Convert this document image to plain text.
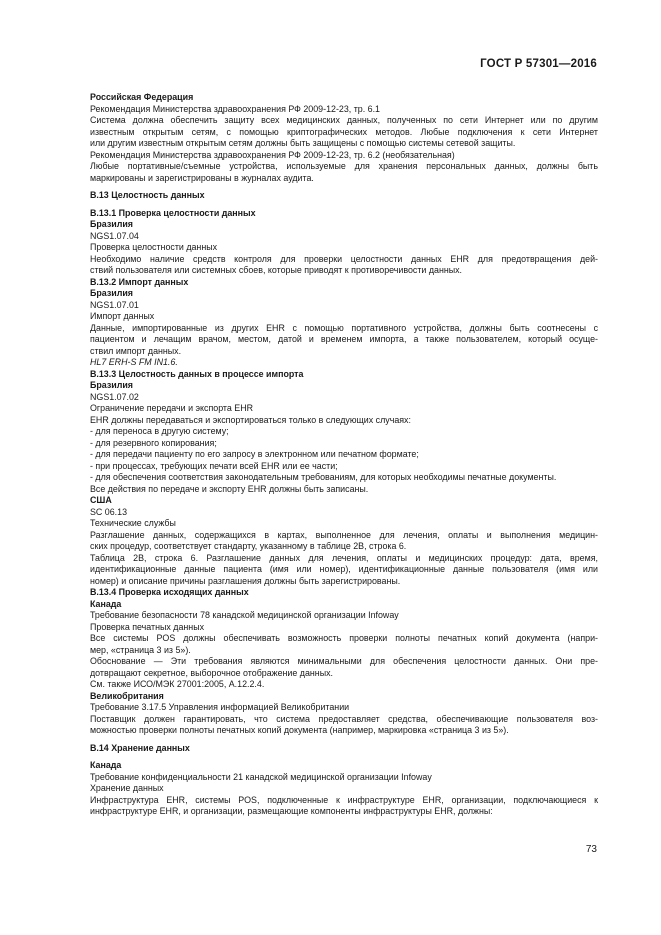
ГОСТ Р 57301—2016
Российская Федерация
Рекомендация Министерства здравоохранения РФ 2009-12-23, тр. 6.1
Система должна обеспечить защиту всех медицинских данных, полученных по сети Интернет или по другим
известным открытым сетям, с помощью криптографических методов. Любые подключения к сети Интернет
или другим известным открытым сетям должны быть защищены с помощью системы сетевой защиты.
Рекомендация Министерства здравоохранения РФ 2009-12-23, тр. 6.2 (необязательная)
Любые портативные/съемные устройства, используемые для хранения персональных данных, должны быть
маркированы и зарегистрированы в журналах аудита.
B.13 Целостность данных
B.13.1 Проверка целостности данных
Бразилия
NGS1.07.04
Проверка целостности данных
Необходимо наличие средств контроля для проверки целостности данных EHR для предотвращения дей-
ствий пользователя или системных сбоев, которые приводят к противоречивости данных.
B.13.2 Импорт данных
Бразилия
NGS1.07.01
Импорт данных
Данные, импортированные из других EHR с помощью портативного устройства, должны быть соотнесены с
пациентом и лечащим врачом, местом, датой и временем импорта, а также пользователем, который осуще-
ствил импорт данных.
HL7 ERH-S FM IN1.6.
B.13.3 Целостность данных в процессе импорта
Бразилия
NGS1.07.02
Ограничение передачи и экспорта EHR
EHR должны передаваться и экспортироваться только в следующих случаях:
- для переноса в другую систему;
- для резервного копирования;
- для передачи пациенту по его запросу в электронном или печатном формате;
- при процессах, требующих печати всей EHR или ее части;
- для обеспечения соответствия законодательным требованиям, для которых необходимы печатные документы.
Все действия по передаче и экспорту EHR должны быть записаны.
США
SC 06.13
Технические службы
Разглашение данных, содержащихся в картах, выполненное для лечения, оплаты и выполнения медицин-
ских процедур, соответствует стандарту, указанному в таблице 2B, строка 6.
Таблица 2B, строка 6. Разглашение данных для лечения, оплаты и медицинских процедур: дата, время,
идентификационные данные пациента (имя или номер), идентификационные данные пользователя (имя или
номер) и описание причины разглашения должны быть зарегистрированы.
B.13.4 Проверка исходящих данных
Канада
Требование безопасности 78 канадской медицинской организации Infoway
Проверка печатных данных
Все системы POS должны обеспечивать возможность проверки полноты печатных копий документа (напри-
мер, «страница 3 из 5»).
Обоснование — Эти требования являются минимальными для обеспечения целостности данных. Они пре-
дотвращают секретное, выборочное отображение данных.
См. также ИСО/МЭК 27001:2005, A.12.2.4.
Великобритания
Требование 3.17.5 Управления информацией Великобритании
Поставщик должен гарантировать, что система предоставляет средства, обеспечивающие пользователя воз-
можностью проверки полноты печатных копий документа (например, маркировка «страница 3 из 5»).
B.14 Хранение данных
Канада
Требование конфиденциальности 21 канадской медицинской организации Infoway
Хранение данных
Инфраструктура EHR, системы POS, подключенные к инфраструктуре EHR, организации, подключающиеся к
инфраструктуре EHR, и организации, размещающие компоненты инфраструктуры EHR, должны:
73
